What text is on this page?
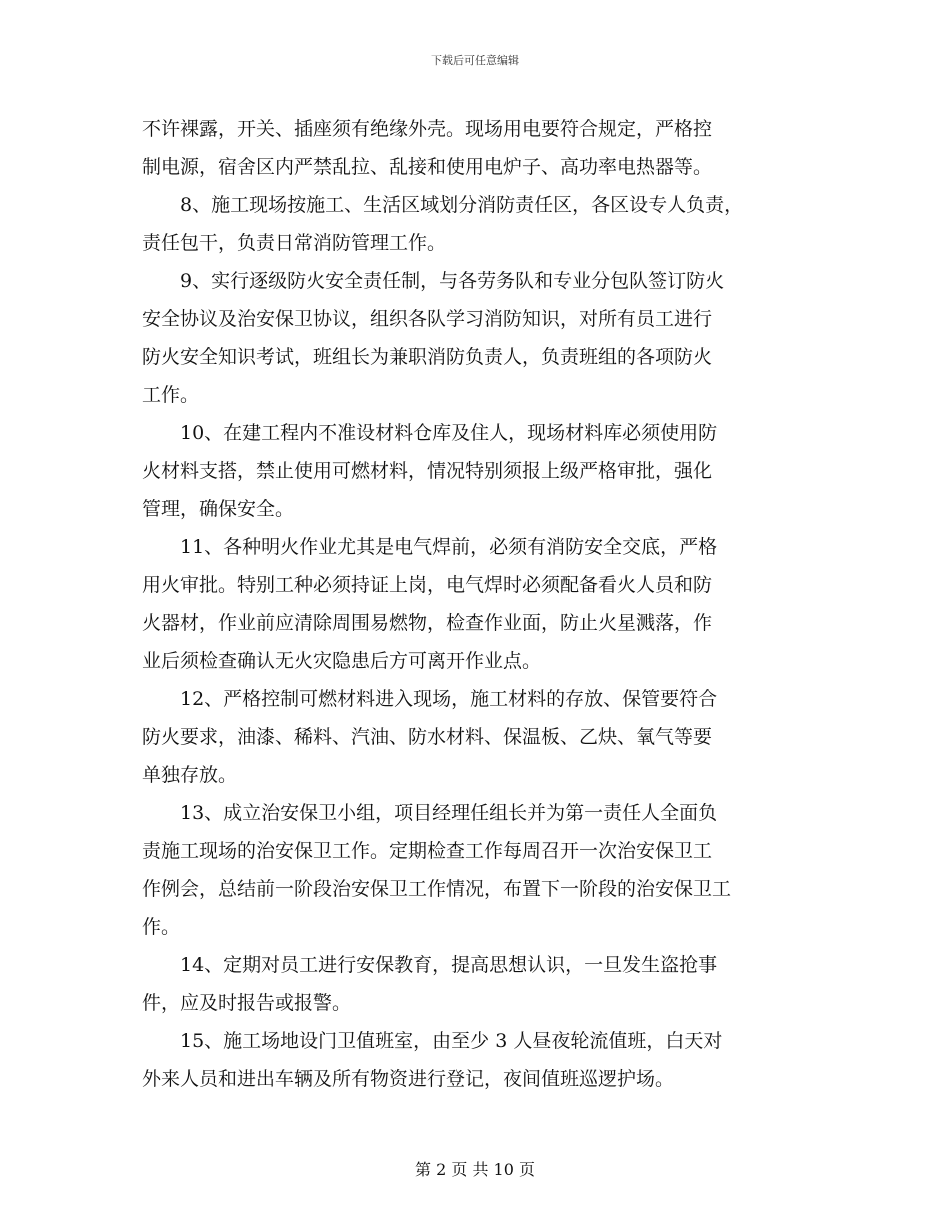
下载后可任意编辑
不许裸露，开关、插座须有绝缘外壳。现场用电要符合规定，严格控
制电源，宿舍区内严禁乱拉、乱接和使用电炉子、高功率电热器等。
8、施工现场按施工、生活区域划分消防责任区，各区设专人负责，
责任包干，负责日常消防管理工作。
9、实行逐级防火安全责任制，与各劳务队和专业分包队签订防火
安全协议及治安保卫协议，组织各队学习消防知识，对所有员工进行
防火安全知识考试，班组长为兼职消防负责人，负责班组的各项防火
工作。
10、在建工程内不准设材料仓库及住人，现场材料库必须使用防
火材料支搭，禁止使用可燃材料，情况特别须报上级严格审批，强化
管理，确保安全。
11、各种明火作业尤其是电气焊前，必须有消防安全交底，严格
用火审批。特别工种必须持证上岗，电气焊时必须配备看火人员和防
火器材，作业前应清除周围易燃物，检查作业面，防止火星溅落，作
业后须检查确认无火灾隐患后方可离开作业点。
12、严格控制可燃材料进入现场，施工材料的存放、保管要符合
防火要求，油漆、稀料、汽油、防水材料、保温板、乙炔、氧气等要
单独存放。
13、成立治安保卫小组，项目经理任组长并为第一责任人全面负
责施工现场的治安保卫工作。定期检查工作每周召开一次治安保卫工
作例会，总结前一阶段治安保卫工作情况，布置下一阶段的治安保卫工
作。
14、定期对员工进行安保教育，提高思想认识，一旦发生盗抢事
件，应及时报告或报警。
15、施工场地设门卫值班室，由至少 3 人昼夜轮流值班，白天对
外来人员和进出车辆及所有物资进行登记，夜间值班巡逻护场。
第 2 页 共 10 页
